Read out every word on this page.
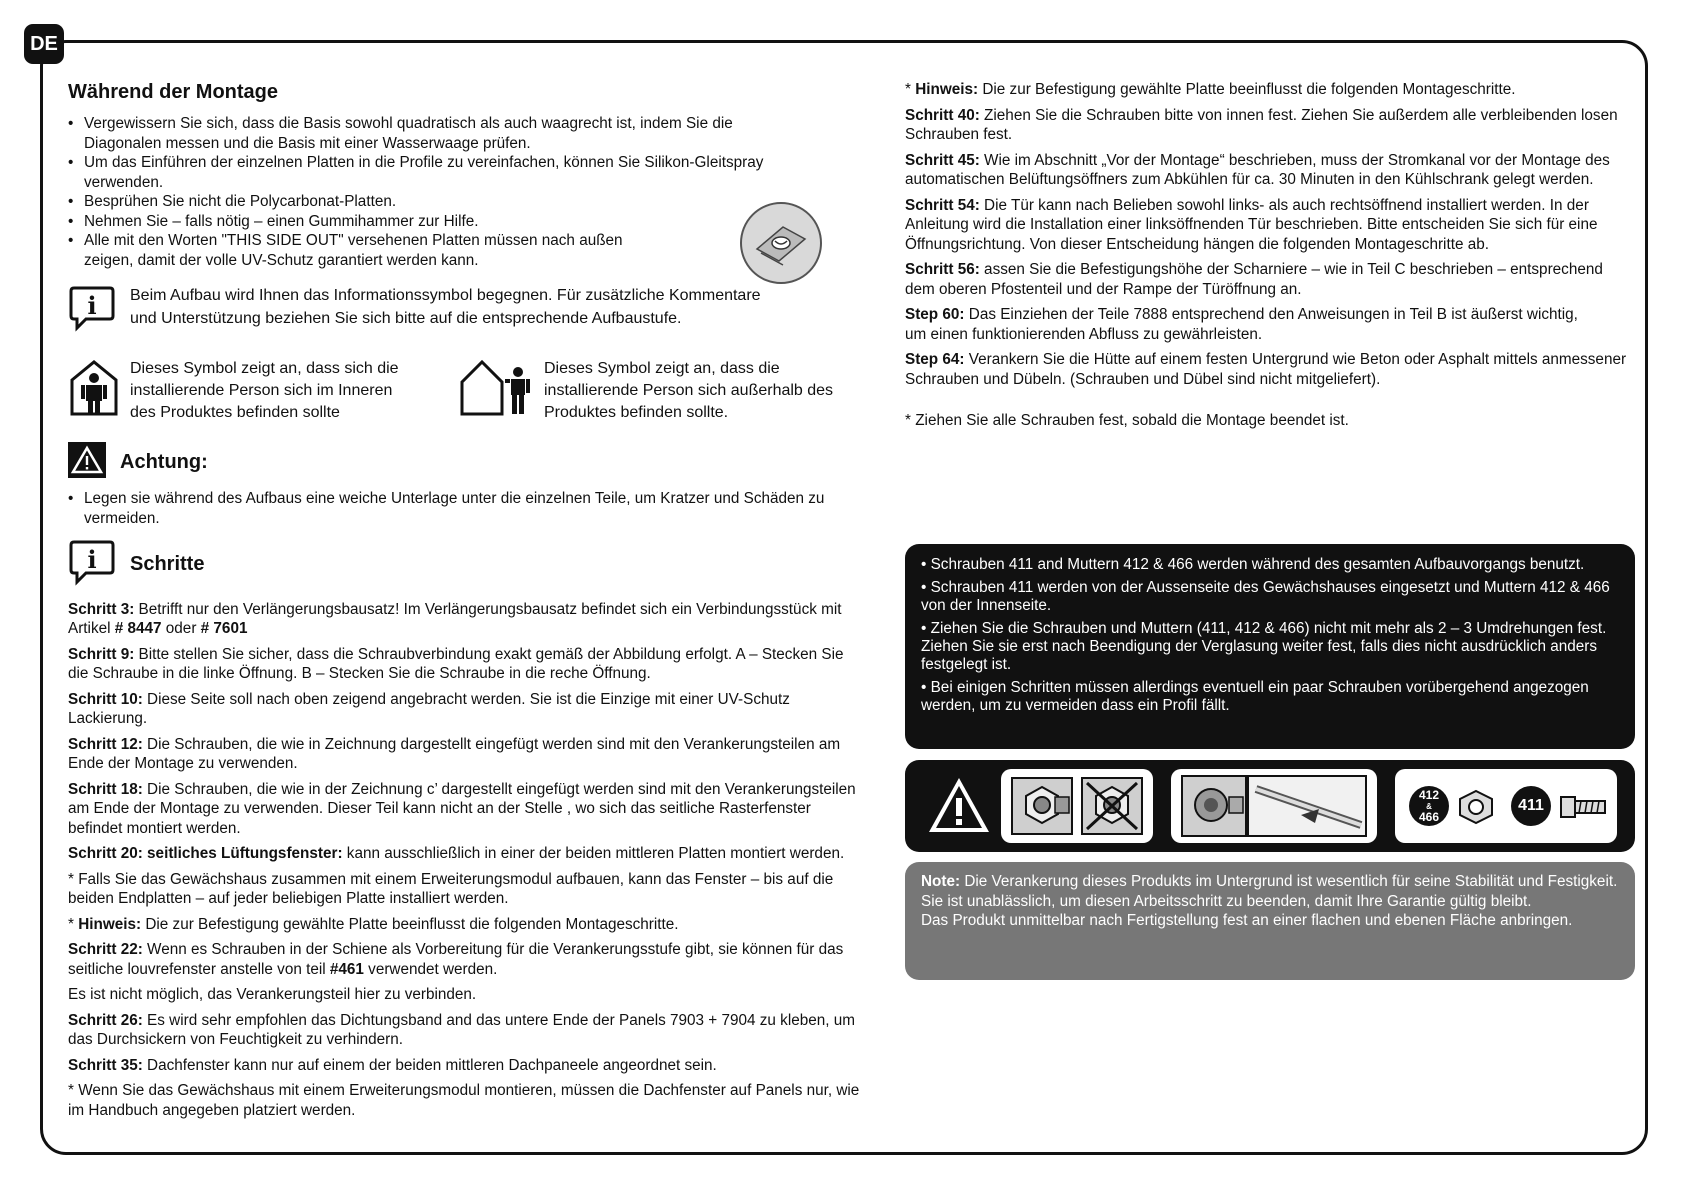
DE
Während der Montage
• Vergewissern Sie sich, dass die Basis sowohl quadratisch als auch waagrecht ist, indem Sie die Diagonalen messen und die Basis mit einer Wasserwaage prüfen.
• Um das Einführen der einzelnen Platten in die Profile zu vereinfachen, können Sie Silikon-Gleitspray verwenden.
• Besprühen Sie nicht die Polycarbonat-Platten.
• Nehmen Sie – falls nötig – einen Gummihammer zur Hilfe.
• Alle mit den Worten "THIS SIDE OUT" versehenen Platten müssen nach außen zeigen, damit der volle UV-Schutz garantiert werden kann.
i Beim Aufbau wird Ihnen das Informationssymbol begegnen. Für zusätzliche Kommentare und Unterstützung beziehen Sie sich bitte auf die entsprechende Aufbaustufe.
Dieses Symbol zeigt an, dass sich die installierende Person sich im Inneren des Produktes befinden sollte
Dieses Symbol zeigt an, dass die installierende Person sich außerhalb des Produktes befinden sollte.
Achtung:
• Legen sie während des Aufbaus eine weiche Unterlage unter die einzelnen Teile, um Kratzer und Schäden zu vermeiden.
i Schritte

Schritt 3: Betrifft nur den Verlängerungsbausatz! Im Verlängerungsbausatz befindet sich ein Verbindungsstück mit Artikel # 8447 oder # 7601

Schritt 9: Bitte stellen Sie sicher, dass die Schraubverbindung exakt gemäß der Abbildung erfolgt. A – Stecken Sie die Schraube in die linke Öffnung. B – Stecken Sie die Schraube in die reche Öffnung.

Schritt 10: Diese Seite soll nach oben zeigend angebracht werden. Sie ist die Einzige mit einer UV-Schutz Lackierung.

Schritt 12: Die Schrauben, die wie in Zeichnung dargestellt eingefügt werden sind mit den Verankerungsteilen am Ende der Montage zu verwenden.

Schritt 18: Die Schrauben, die wie in der Zeichnung c’ dargestellt eingefügt werden sind mit den Verankerungsteilen am Ende der Montage zu verwenden. Dieser Teil kann nicht an der Stelle , wo sich das seitliche Rasterfenster befindet montiert werden.

Schritt 20: seitliches Lüftungsfenster: kann ausschließlich in einer der beiden mittleren Platten montiert werden.

* Falls Sie das Gewächshaus zusammen mit einem Erweiterungsmodul aufbauen, kann das Fenster – bis auf die beiden Endplatten – auf jeder beliebigen Platte installiert werden.

* Hinweis: Die zur Befestigung gewählte Platte beeinflusst die folgenden Montageschritte.

Schritt 22: Wenn es Schrauben in der Schiene als Vorbereitung für die Verankerungsstufe gibt, sie können für das seitliche louvrefenster anstelle von teil #461 verwendet werden.

Es ist nicht möglich, das Verankerungsteil hier zu verbinden.

Schritt 26: Es wird sehr empfohlen das Dichtungsband and das untere Ende der Panels 7903 + 7904 zu kleben, um das Durchsickern von Feuchtigkeit zu verhindern.

Schritt 35: Dachfenster kann nur auf einem der beiden mittleren Dachpaneele angeordnet sein.

* Wenn Sie das Gewächshaus mit einem Erweiterungsmodul montieren, müssen die Dachfenster auf Panels nur, wie im Handbuch angegeben platziert werden.

* Hinweis: Die zur Befestigung gewählte Platte beeinflusst die folgenden Montageschritte.

Schritt 40: Ziehen Sie die Schrauben bitte von innen fest. Ziehen Sie außerdem alle verbleibenden losen Schrauben fest.

Schritt 45: Wie im Abschnitt „Vor der Montage“ beschrieben, muss der Stromkanal vor der Montage des automatischen Belüftungsöffners zum Abkühlen für ca. 30 Minuten in den Kühlschrank gelegt werden.

Schritt 54: Die Tür kann nach Belieben sowohl links- als auch rechtsöffnend installiert werden. In der Anleitung wird die Installation einer linksöffnenden Tür beschrieben. Bitte entscheiden Sie sich für eine Öffnungsrichtung. Von dieser Entscheidung hängen die folgenden Montageschritte ab.

Schritt 56: assen Sie die Befestigungshöhe der Scharniere – wie in Teil C beschrieben – entsprechend dem oberen Pfostenteil und der Rampe der Türöffnung an.

Step 60: Das Einziehen der Teile 7888 entsprechend den Anweisungen in Teil B ist äußerst wichtig,
um einen funktionierenden Abfluss zu gewährleisten.

Step 64: Verankern Sie die Hütte auf einem festen Untergrund wie Beton oder Asphalt mittels anmessener Schrauben und Dübeln. (Schrauben und Dübel sind nicht mitgeliefert).

* Ziehen Sie alle Schrauben fest, sobald die Montage beendet ist.

• Schrauben 411 and Muttern 412 & 466 werden während des gesamten Aufbauvorgangs benutzt.
• Schrauben 411 werden von der Aussenseite des Gewächshauses eingesetzt und Muttern 412 & 466 von der Innenseite.
• Ziehen Sie die Schrauben und Muttern (411, 412 & 466) nicht mit mehr als 2 – 3 Umdrehungen fest. Ziehen Sie sie erst nach Beendigung der Verglasung weiter fest, falls dies nicht ausdrücklich anders festgelegt ist.
• Bei einigen Schritten müssen allerdings eventuell ein paar Schrauben vorübergehend angezogen werden, um zu vermeiden dass ein Profil fällt.
412
&
466
411
Note: Die Verankerung dieses Produkts im Untergrund ist wesentlich für seine Stabilität und Festigkeit.
Sie ist unablässlich, um diesen Arbeitsschritt zu beenden, damit Ihre Garantie gültig bleibt.
Das Produkt unmittelbar nach Fertigstellung fest an einer flachen und ebenen Fläche anbringen.
